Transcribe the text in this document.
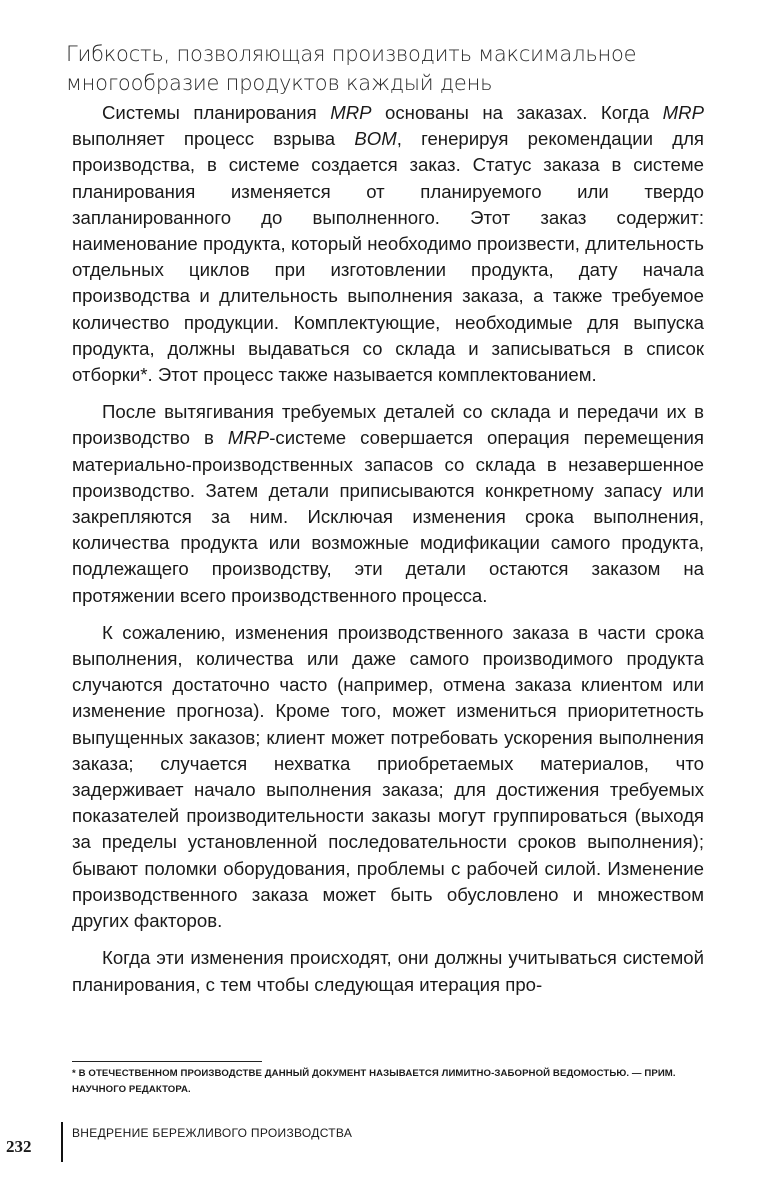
Гибкость, позволяющая производить максимальное
многообразие продуктов каждый день

Системы планирования MRP основаны на заказах. Когда MRP выполняет процесс взрыва BOM, генерируя рекомендации для производства, в системе создается заказ. Статус заказа в системе планирования изменяется от планируемого или твердо запланированного до выполненного. Этот заказ содержит: наименование продукта, который необходимо произвести, длительность отдельных циклов при изготовлении продукта, дату начала производства и длительность выполнения заказа, а также требуемое количество продукции. Комплектующие, необходимые для выпуска продукта, должны выдаваться со склада и записываться в список отборки*. Этот процесс также называется комплектованием.

После вытягивания требуемых деталей со склада и передачи их в производство в MRP-системе совершается операция перемещения материально-производственных запасов со склада в незавершенное производство. Затем детали приписываются конкретному запасу или закрепляются за ним. Исключая изменения срока выполнения, количества продукта или возможные модификации самого продукта, подлежащего производству, эти детали остаются заказом на протяжении всего производственного процесса.

К сожалению, изменения производственного заказа в части срока выполнения, количества или даже самого производимого продукта случаются достаточно часто (например, отмена заказа клиентом или изменение прогноза). Кроме того, может измениться приоритетность выпущенных заказов; клиент может потребовать ускорения выполнения заказа; случается нехватка приобретаемых материалов, что задерживает начало выполнения заказа; для достижения требуемых показателей производительности заказы могут группироваться (выходя за пределы установленной последовательности сроков выполнения); бывают поломки оборудования, проблемы с рабочей силой. Изменение производственного заказа может быть обусловлено и множеством других факторов.

Когда эти изменения происходят, они должны учитываться системой планирования, с тем чтобы следующая итерация про-

* В ОТЕЧЕСТВЕННОМ ПРОИЗВОДСТВЕ ДАННЫЙ ДОКУМЕНТ НАЗЫВАЕТСЯ ЛИМИТНО-ЗАБОРНОЙ ВЕДОМОСТЬЮ. — ПРИМ. НАУЧНОГО РЕДАКТОРА.
232
ВНЕДРЕНИЕ БЕРЕЖЛИВОГО ПРОИЗВОДСТВА
